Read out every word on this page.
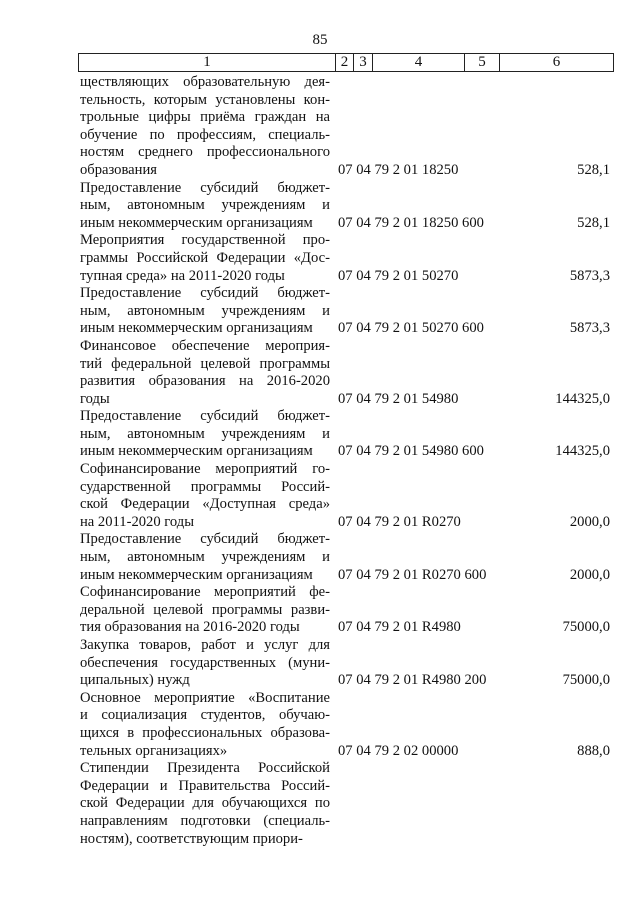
85
1	2	3	4	5	6
ществляющих образовательную дея-
тельность, которым установлены кон-
трольные цифры приёма граждан на
обучение по профессиям, специаль-
ностям среднего профессионального
образования	07 04 79 2 01 18250	528,1
Предоставление субсидий бюджет-
ным, автономным учреждениям и
иным некоммерческим организациям	07 04 79 2 01 18250 600	528,1
Мероприятия государственной про-
граммы Российской Федерации «Дос-
тупная среда» на 2011-2020 годы	07 04 79 2 01 50270	5873,3
Предоставление субсидий бюджет-
ным, автономным учреждениям и
иным некоммерческим организациям	07 04 79 2 01 50270 600	5873,3
Финансовое обеспечение мероприя-
тий федеральной целевой программы
развития образования на 2016-2020
годы	07 04 79 2 01 54980	144325,0
Предоставление субсидий бюджет-
ным, автономным учреждениям и
иным некоммерческим организациям	07 04 79 2 01 54980 600	144325,0
Софинансирование мероприятий го-
сударственной программы Россий-
ской Федерации «Доступная среда»
на 2011-2020 годы	07 04 79 2 01 R0270	2000,0
Предоставление субсидий бюджет-
ным, автономным учреждениям и
иным некоммерческим организациям	07 04 79 2 01 R0270 600	2000,0
Софинансирование мероприятий фе-
деральной целевой программы разви-
тия образования на 2016-2020 годы	07 04 79 2 01 R4980	75000,0
Закупка товаров, работ и услуг для
обеспечения государственных (муни-
ципальных) нужд	07 04 79 2 01 R4980 200	75000,0
Основное мероприятие «Воспитание
и социализация студентов, обучаю-
щихся в профессиональных образова-
тельных организациях»	07 04 79 2 02 00000	888,0
Стипендии Президента Российской
Федерации и Правительства Россий-
ской Федерации для обучающихся по
направлениям подготовки (специаль-
ностям), соответствующим приори-
